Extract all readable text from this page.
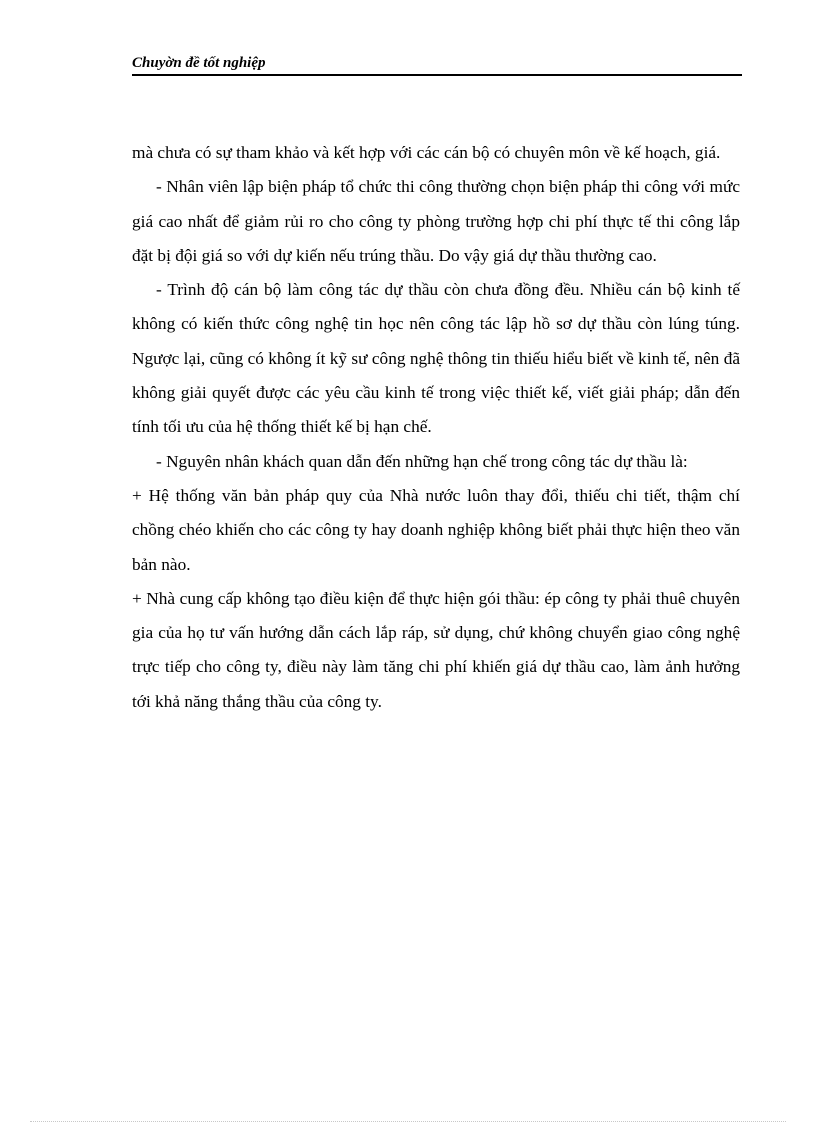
Chuyờn đề tốt nghiệp

mà chưa có sự tham khảo và kết hợp với các cán bộ có chuyên môn về kế hoạch, giá.

- Nhân viên lập biện pháp tổ chức thi công thường chọn biện pháp thi công với mức giá cao nhất để giảm rủi ro cho công ty phòng trường hợp chi phí thực tế thi công lắp đặt bị đội giá so với dự kiến nếu trúng thầu. Do vậy giá dự thầu thường cao.

- Trình độ cán bộ làm công tác dự thầu còn chưa đồng đều. Nhiều cán bộ kinh tế không có kiến thức công nghệ tin học nên công tác lập hồ sơ dự thầu còn lúng túng. Ngược lại, cũng có không ít kỹ sư công nghệ thông tin thiếu hiểu biết về kinh tế, nên đã không giải quyết được các yêu cầu kinh tế trong việc thiết kế, viết giải pháp; dẫn đến tính tối ưu của hệ thống thiết kế bị hạn chế.

- Nguyên nhân khách quan dẫn đến những hạn chế trong công tác dự thầu là:

+ Hệ thống văn bản pháp quy của Nhà nước luôn thay đổi, thiếu chi tiết, thậm chí chồng chéo khiến cho các công ty hay doanh nghiệp không biết phải thực hiện theo văn bản nào.

+ Nhà cung cấp không tạo điều kiện để thực hiện gói thầu: ép công ty phải thuê chuyên gia của họ tư vấn hướng dẫn cách lắp ráp, sử dụng, chứ không chuyển giao công nghệ trực tiếp cho công ty, điều này làm tăng chi phí khiến giá dự thầu cao, làm ảnh hưởng tới khả năng thắng thầu của công ty.
